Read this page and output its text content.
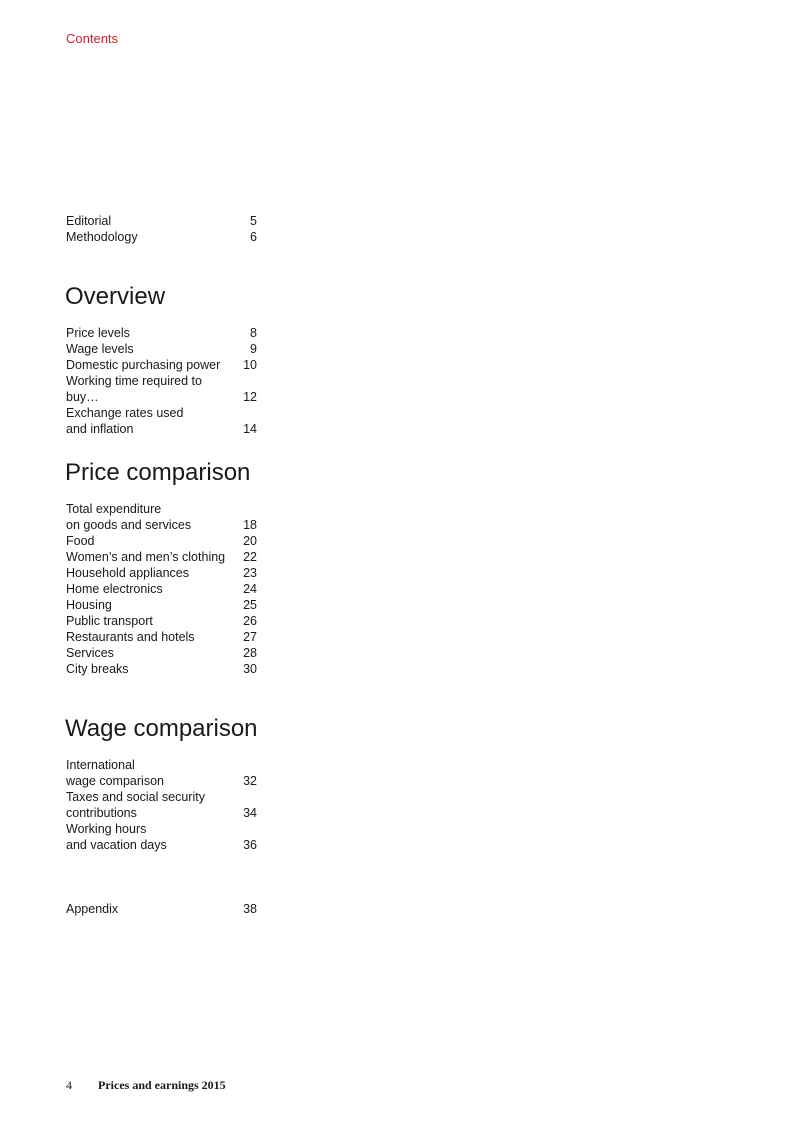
Contents
Editorial	5
Methodology	6
Overview
Price levels	8
Wage levels	9
Domestic purchasing power 10
Working time required to buy…	12
Exchange rates used
and inflation	14
Price comparison
Total expenditure
on goods and services	18
Food	20
Women’s and men’s clothing 22
Household appliances	23
Home electronics	24
Housing	25
Public transport	26
Restaurants and hotels	27
Services	28
City breaks	30
Wage comparison
International
wage comparison	32
Taxes and social security
contributions	34
Working hours
and vacation days	36
Appendix	38
4	Prices and earnings 2015
